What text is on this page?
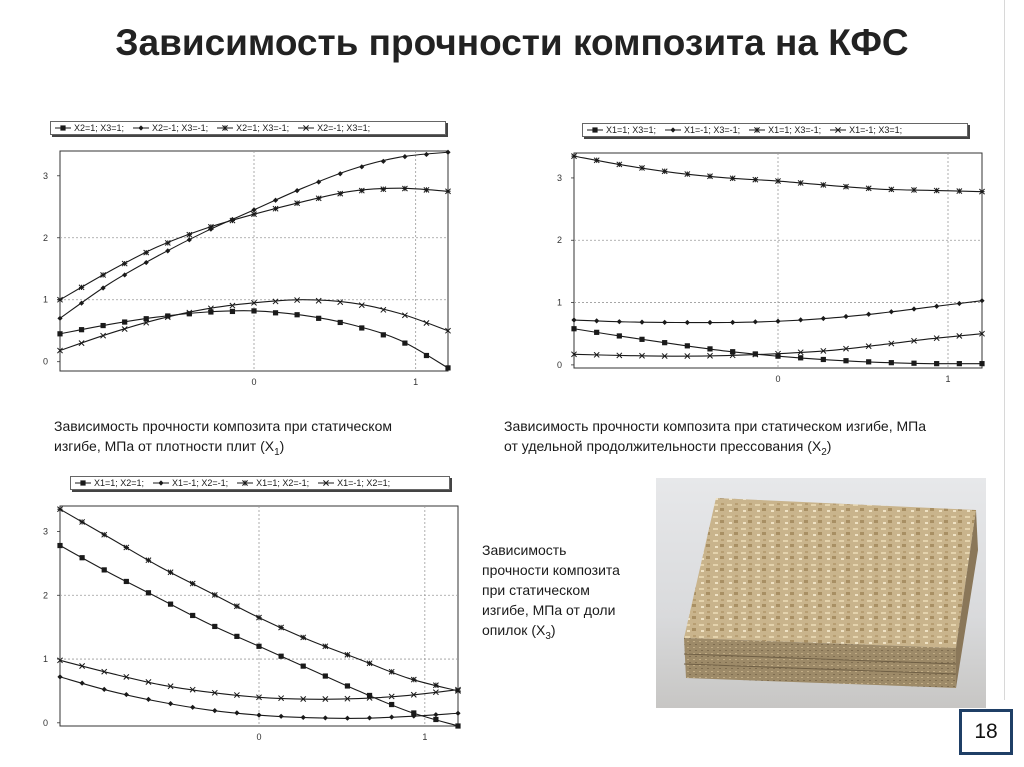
Зависимость прочности композита на КФС
X2=1; X3=1;	X2=-1; X3=-1;	X2=1; X3=-1;	X2=-1; X3=1;
0
1
2
3
0	1
X1=1; X3=1;	X1=-1; X3=-1;	X1=1; X3=-1;	X1=-1; X3=1;
0
1
2
3
0	1
X1=1; X2=1;	X1=-1; X2=-1;	X1=1; X2=-1;	X1=-1; X2=1;
0
1
2
3
0	1
Зависимость прочности композита при статическом
изгибе, МПа от плотности плит $(X_1)$
Зависимость прочности композита при статическом изгибе, МПа
от удельной продолжительности прессования $(X_2)$
Зависимость
прочности композита
при статическом
изгибе, МПа от доли
опилок $(X_3)$
18
